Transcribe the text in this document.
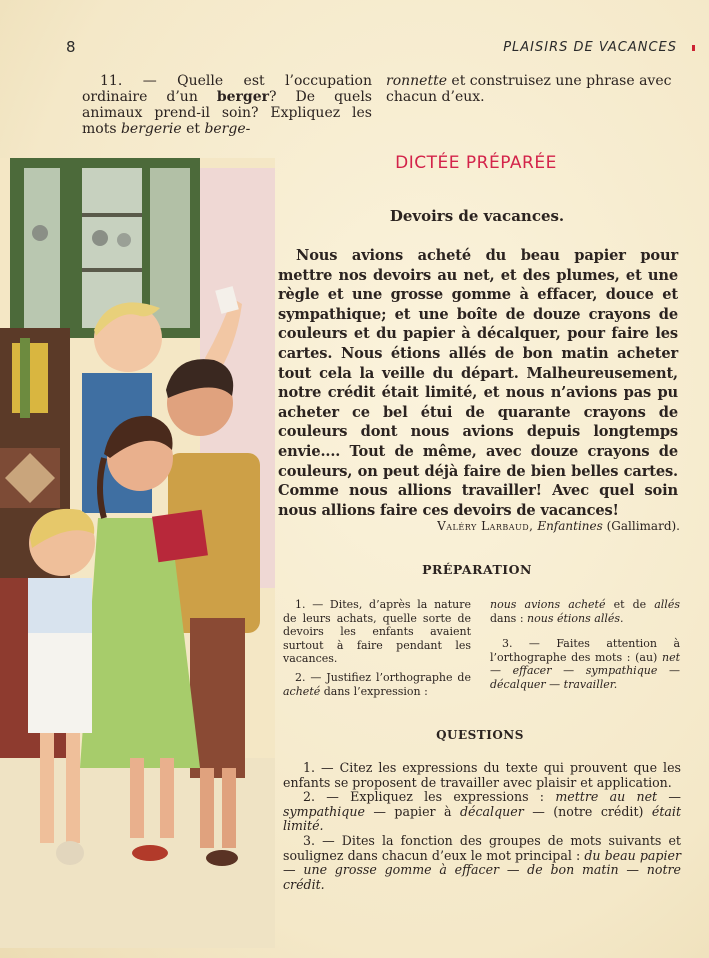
8	PLAISIRS DE VACANCES
11. — Quelle est l’occupation ordinaire d’un berger? De quels animaux prend-il soin? Expliquez les mots bergerie et berge-
ronnette et construisez une phrase avec chacun d’eux.
DICTÉE PRÉPARÉE
Devoirs de vacances.

Nous avions acheté du beau papier pour mettre nos devoirs au net, et des plumes, et une règle et une grosse gomme à effacer, douce et sympathique; et une boîte de douze crayons de couleurs et du papier à décalquer, pour faire les cartes. Nous étions allés de bon matin acheter tout cela la veille du départ. Malheureusement, notre crédit était limité, et nous n’avions pas pu acheter ce bel étui de quarante crayons de couleurs dont nous avions depuis longtemps envie.... Tout de même, avec douze crayons de couleurs, on peut déjà faire de bien belles cartes. Comme nous allions travailler! Avec quel soin nous allions faire ces devoirs de vacances!

Valéry Larbaud, Enfantines (Gallimard).
PRÉPARATION

1. — Dites, d’après la nature de leurs achats, quelle sorte de devoirs les enfants avaient surtout à faire pendant les vacances.

2. — Justifiez l’orthographe de acheté dans l’expression :

nous avions acheté et de allés dans : nous étions allés.

3. — Faites attention à l’orthographe des mots : (au) net — effacer — sympathique — décalquer — travailler.

QUESTIONS

1. — Citez les expressions du texte qui prouvent que les enfants se proposent de travailler avec plaisir et application.

2. — Expliquez les expressions : mettre au net — sympathique — papier à décalquer — (notre crédit) était limité.

3. — Dites la fonction des groupes de mots suivants et soulignez dans chacun d’eux le mot principal : du beau papier — une grosse gomme à effacer — de bon matin — notre crédit.
